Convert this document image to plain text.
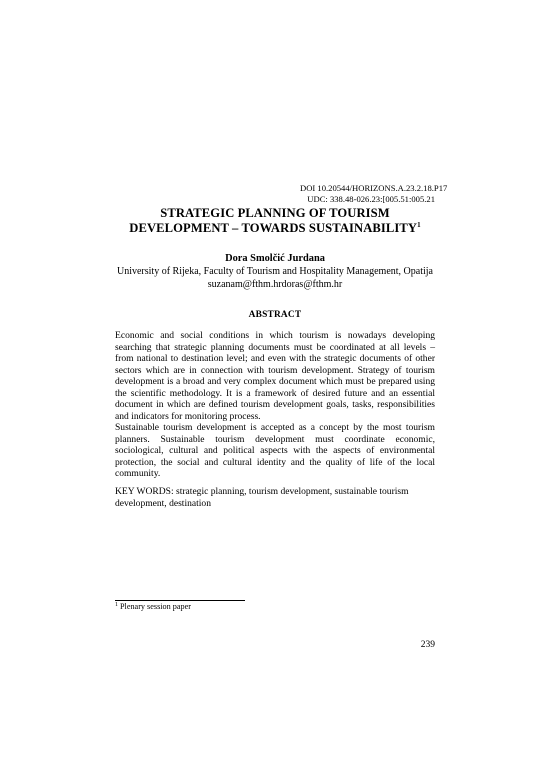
DOI 10.20544/HORIZONS.A.23.2.18.P17
UDC: 338.48-026.23:[005.51:005.21
STRATEGIC PLANNING OF TOURISM
DEVELOPMENT – TOWARDS SUSTAINABILITY$^1$
Dora Smolčić Jurdana
University of Rijeka, Faculty of Tourism and Hospitality Management, Opatija
suzanam@fthm.hrdoras@fthm.hr
ABSTRACT

Economic and social conditions in which tourism is nowadays developing searching that strategic planning documents must be coordinated at all levels – from national to destination level; and even with the strategic documents of other sectors which are in connection with tourism development. Strategy of tourism development is a broad and very complex document which must be prepared using the scientific methodology. It is a framework of desired future and an essential document in which are defined tourism development goals, tasks, responsibilities and indicators for monitoring process.

Sustainable tourism development is accepted as a concept by the most tourism planners. Sustainable tourism development must coordinate economic, sociological, cultural and political aspects with the aspects of environmental protection, the social and cultural identity and the quality of life of the local community.

KEY WORDS: strategic planning, tourism development, sustainable tourism development, destination
$^1$ Plenary session paper
239
